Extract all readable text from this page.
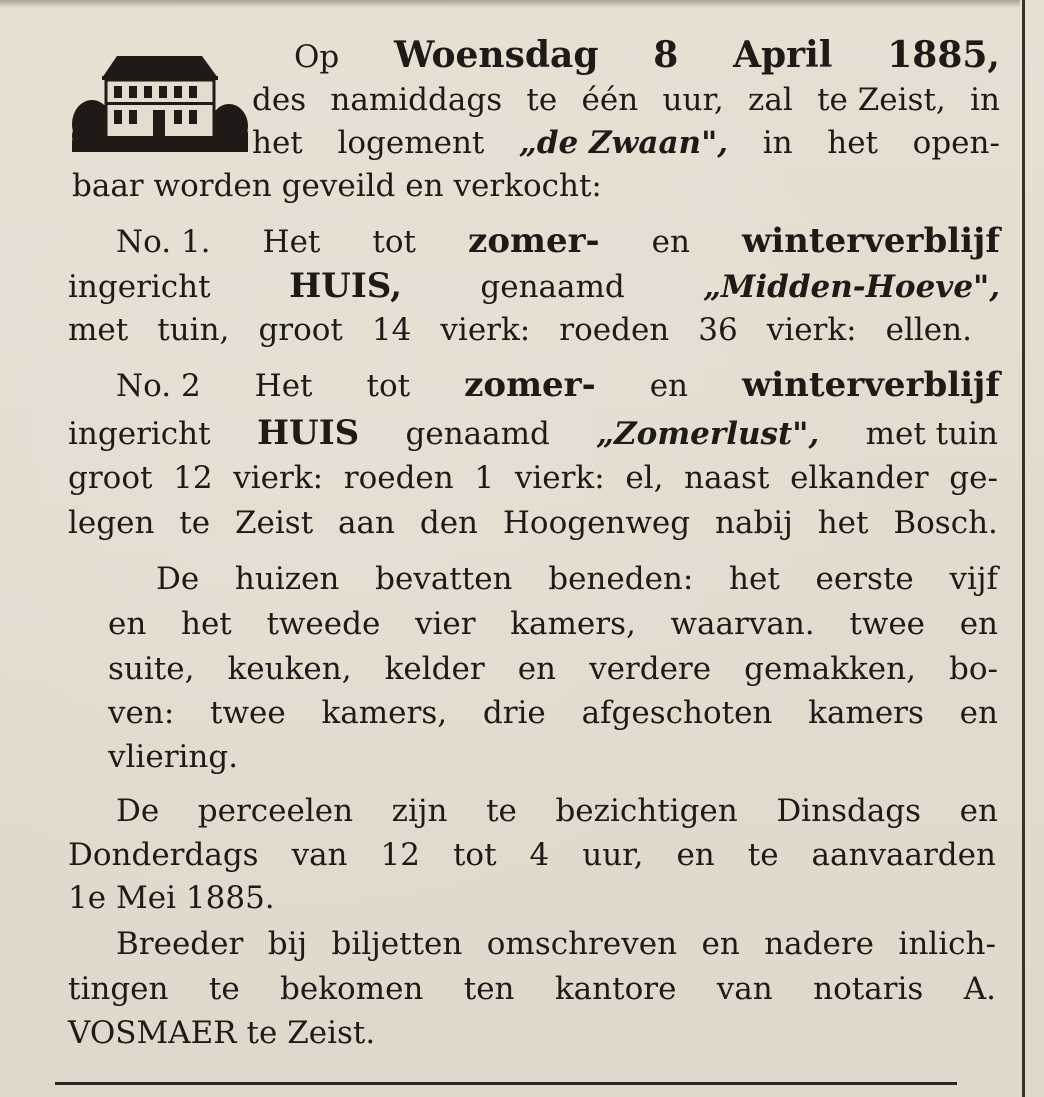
Op Woensdag 8 April 1885,
des namiddags te één uur, zal te Zeist, in
het logement „de Zwaan", in het open-
baar worden geveild en verkocht:
No. 1. Het tot zomer- en winterverblijf
ingericht HUIS,	genaamd	„Midden-Hoeve",
met tuin, groot 14 vierk: roeden 36 vierk: ellen.
No. 2 Het tot zomer- en winterverblijf
ingericht HUIS genaamd „Zomerlust", met tuin
groot 12 vierk: roeden 1 vierk: el, naast elkander ge-
legen te Zeist aan den Hoogenweg nabij het Bosch.
De huizen bevatten beneden: het eerste vijf
en het tweede vier kamers, waarvan. twee en
suite, keuken, kelder en verdere gemakken, bo-
ven: twee kamers, drie afgeschoten kamers en
vliering.
De perceelen zijn te bezichtigen Dinsdags en
Donderdags van 12 tot 4 uur, en te aanvaarden
1e Mei 1885.
Breeder bij biljetten omschreven en nadere inlich-
tingen te bekomen ten kantore van notaris A.
VOSMAER te Zeist.
